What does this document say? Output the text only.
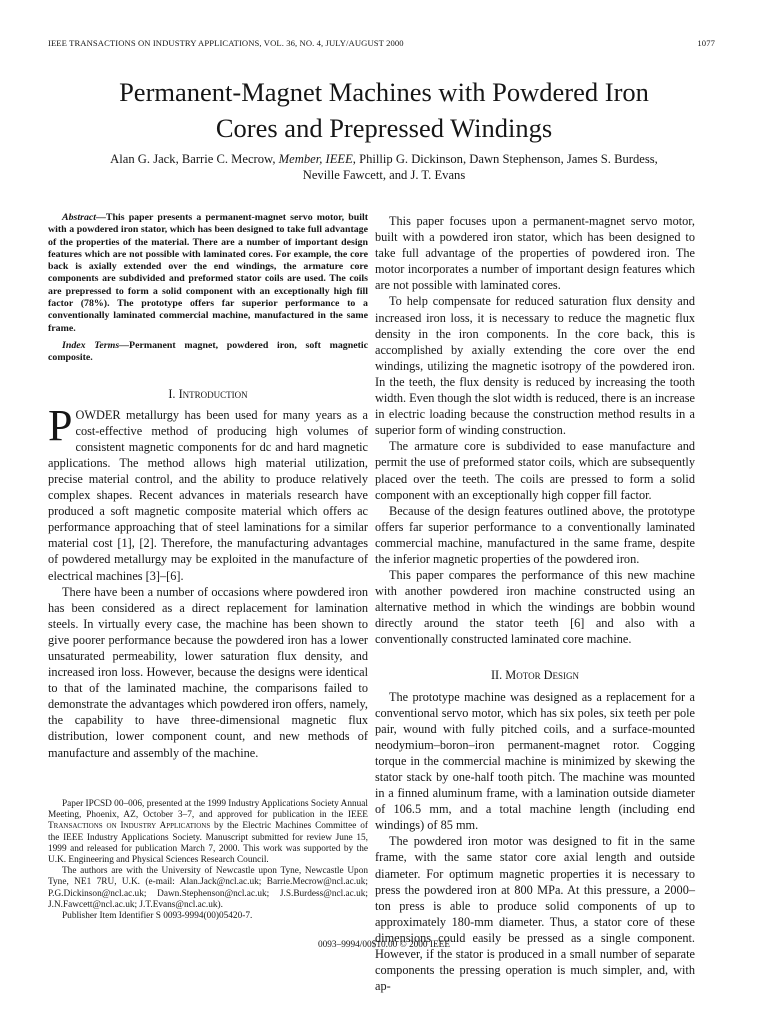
IEEE TRANSACTIONS ON INDUSTRY APPLICATIONS, VOL. 36, NO. 4, JULY/AUGUST 2000	1077
Permanent-Magnet Machines with Powdered Iron
Cores and Prepressed Windings
Alan G. Jack, Barrie C. Mecrow, Member, IEEE, Phillip G. Dickinson, Dawn Stephenson, James S. Burdess,
Neville Fawcett, and J. T. Evans

Abstract—This paper presents a permanent-magnet servo motor, built with a powdered iron stator, which has been designed to take full advantage of the properties of the material. There are a number of important design features which are not possible with laminated cores. For example, the core back is axially extended over the end windings, the armature core components are subdivided and preformed stator coils are used. The coils are prepressed to form a solid component with an exceptionally high fill factor (78%). The prototype offers far superior performance to a conventionally laminated commercial machine, manufactured in the same frame.

Index Terms—Permanent magnet, powdered iron, soft magnetic composite.

I. Introduction

POWDER metallurgy has been used for many years as a cost-effective method of producing high volumes of consistent magnetic components for dc and hard magnetic applications. The method allows high material utilization, precise material control, and the ability to produce relatively complex shapes. Recent advances in materials research have produced a soft magnetic composite material which offers ac performance approaching that of steel laminations for a similar material cost [1], [2]. Therefore, the manufacturing advantages of powdered metallurgy may be exploited in the manufacture of electrical machines [3]–[6].

There have been a number of occasions where powdered iron has been considered as a direct replacement for lamination steels. In virtually every case, the machine has been shown to give poorer performance because the powdered iron has a lower unsaturated permeability, lower saturation flux density, and increased iron loss. However, because the designs were identical to that of the laminated machine, the comparisons failed to demonstrate the advantages which powdered iron offers, namely, the capability to have three-dimensional magnetic flux distribution, lower component count, and new methods of manufacture and assembly of the machine.

Paper IPCSD 00–006, presented at the 1999 Industry Applications Society Annual Meeting, Phoenix, AZ, October 3–7, and approved for publication in the IEEE Transactions on Industry Applications by the Electric Machines Committee of the IEEE Industry Applications Society. Manuscript submitted for review June 15, 1999 and released for publication March 7, 2000. This work was supported by the U.K. Engineering and Physical Sciences Research Council.

The authors are with the University of Newcastle upon Tyne, Newcastle Upon Tyne, NE1 7RU, U.K. (e-mail: Alan.Jack@ncl.ac.uk; Barrie.Mecrow@ncl.ac.uk; P.G.Dickinson@ncl.ac.uk; Dawn.Stephenson@ncl.ac.uk; J.S.Burdess@ncl.ac.uk; J.N.Fawcett@ncl.ac.uk; J.T.Evans@ncl.ac.uk).

Publisher Item Identifier S 0093-9994(00)05420-7.

This paper focuses upon a permanent-magnet servo motor, built with a powdered iron stator, which has been designed to take full advantage of the properties of powdered iron. The motor incorporates a number of important design features which are not possible with laminated cores.

To help compensate for reduced saturation flux density and increased iron loss, it is necessary to reduce the magnetic flux density in the iron components. In the core back, this is accomplished by axially extending the core over the end windings, utilizing the magnetic isotropy of the powdered iron. In the teeth, the flux density is reduced by increasing the tooth width. Even though the slot width is reduced, there is an increase in electric loading because the construction method results in a superior form of winding construction.

The armature core is subdivided to ease manufacture and permit the use of preformed stator coils, which are subsequently placed over the teeth. The coils are pressed to form a solid component with an exceptionally high copper fill factor.

Because of the design features outlined above, the prototype offers far superior performance to a conventionally laminated commercial machine, manufactured in the same frame, despite the inferior magnetic properties of the powdered iron.

This paper compares the performance of this new machine with another powdered iron machine constructed using an alternative method in which the windings are bobbin wound directly around the stator teeth [6] and also with a conventionally constructed laminated core machine.

II. Motor Design

The prototype machine was designed as a replacement for a conventional servo motor, which has six poles, six teeth per pole pair, wound with fully pitched coils, and a surface-mounted neodymium–boron–iron permanent-magnet rotor. Cogging torque in the commercial machine is minimized by skewing the stator stack by one-half tooth pitch. The machine was mounted in a finned aluminum frame, with a lamination outside diameter of 106.5 mm, and a total machine length (including end windings) of 85 mm.

The powdered iron motor was designed to fit in the same frame, with the same stator core axial length and outside diameter. For optimum magnetic properties it is necessary to press the powdered iron at 800 MPa. At this pressure, a 2000–ton press is able to produce solid components of up to approximately 180-mm diameter. Thus, a stator core of these dimensions could easily be pressed as a single component. However, if the stator is produced in a small number of separate components the pressing operation is much simpler, and, with ap-

0093–9994/00$10.00 © 2000 IEEE
